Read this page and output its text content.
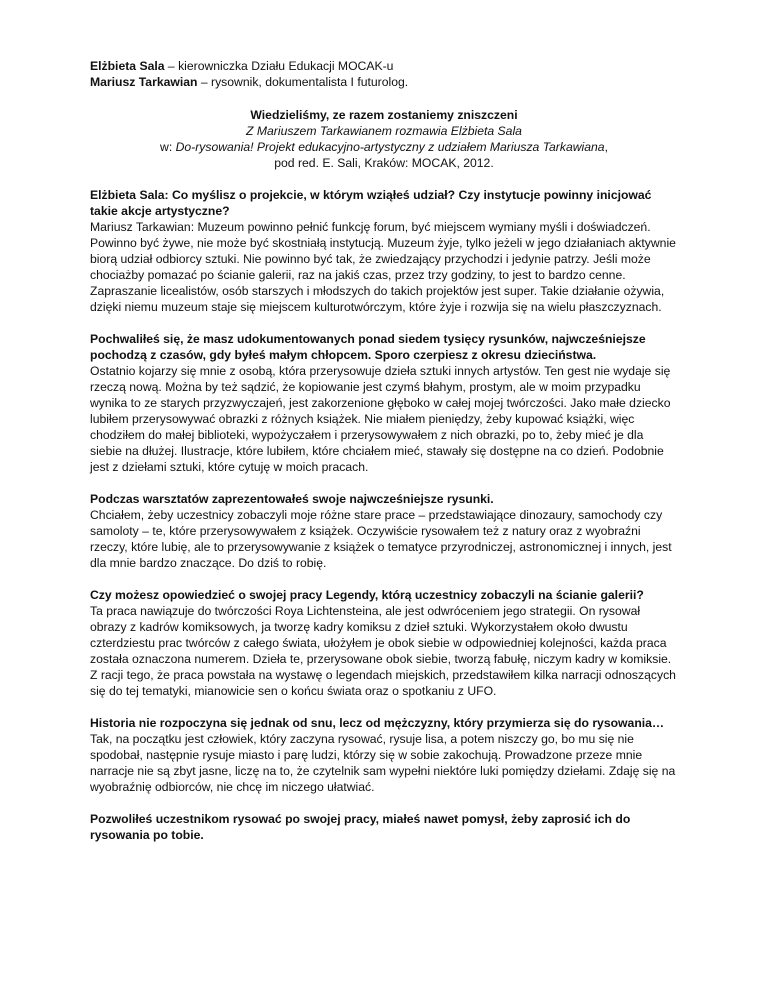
Elżbieta Sala – kierowniczka Działu Edukacji MOCAK-u

Mariusz Tarkawian – rysownik, dokumentalista I futurolog.

Wiedzieliśmy, ze razem zostaniemy zniszczeni

Z Mariuszem Tarkawianem rozmawia Elżbieta Sala

w: Do-rysowania! Projekt edukacyjno-artystyczny z udziałem Mariusza Tarkawiana,

pod red. E. Sali, Kraków: MOCAK, 2012.

Elżbieta Sala: Co myślisz o projekcie, w którym wziąłeś udział? Czy instytucje powinny inicjować takie akcje artystyczne?

Mariusz Tarkawian: Muzeum powinno pełnić funkcję forum, być miejscem wymiany myśli i doświadczeń. Powinno być żywe, nie może być skostniałą instytucją. Muzeum żyje, tylko jeżeli w jego działaniach aktywnie biorą udział odbiorcy sztuki. Nie powinno być tak, że zwiedzający przychodzi i jedynie patrzy. Jeśli może chociażby pomazać po ścianie galerii, raz na jakiś czas, przez trzy godziny, to jest to bardzo cenne. Zapraszanie licealistów, osób starszych i młodszych do takich projektów jest super. Takie działanie ożywia, dzięki niemu muzeum staje się miejscem kulturotwórczym, które żyje i rozwija się na wielu płaszczyznach.

Pochwaliłeś się, że masz udokumentowanych ponad siedem tysięcy rysunków, najwcześniejsze pochodzą z czasów, gdy byłeś małym chłopcem. Sporo czerpiesz z okresu dzieciństwa.

Ostatnio kojarzy się mnie z osobą, która przerysowuje dzieła sztuki innych artystów. Ten gest nie wydaje się rzeczą nową. Można by też sądzić, że kopiowanie jest czymś błahym, prostym, ale w moim przypadku wynika to ze starych przyzwyczajeń, jest zakorzenione głęboko w całej mojej twórczości. Jako małe dziecko lubiłem przerysowywać obrazki z różnych książek. Nie miałem pieniędzy, żeby kupować książki, więc chodziłem do małej biblioteki, wypożyczałem i przerysowywałem z nich obrazki, po to, żeby mieć je dla siebie na dłużej. Ilustracje, które lubiłem, które chciałem mieć, stawały się dostępne na co dzień. Podobnie jest z dziełami sztuki, które cytuję w moich pracach.

Podczas warsztatów zaprezentowałeś swoje najwcześniejsze rysunki.

Chciałem, żeby uczestnicy zobaczyli moje różne stare prace – przedstawiające dinozaury, samochody czy samoloty – te, które przerysowywałem z książek. Oczywiście rysowałem też z natury oraz z wyobraźni rzeczy, które lubię, ale to przerysowywanie z książek o tematyce przyrodniczej, astronomicznej i innych, jest dla mnie bardzo znaczące. Do dziś to robię.

Czy możesz opowiedzieć o swojej pracy Legendy, którą uczestnicy zobaczyli na ścianie galerii?

Ta praca nawiązuje do twórczości Roya Lichtensteina, ale jest odwróceniem jego strategii. On rysował obrazy z kadrów komiksowych, ja tworzę kadry komiksu z dzieł sztuki. Wykorzystałem około dwustu czterdziestu prac twórców z całego świata, ułożyłem je obok siebie w odpowiedniej kolejności, każda praca została oznaczona numerem. Dzieła te, przerysowane obok siebie, tworzą fabułę, niczym kadry w komiksie. Z racji tego, że praca powstała na wystawę o legendach miejskich, przedstawiłem kilka narracji odnoszących się do tej tematyki, mianowicie sen o końcu świata oraz o spotkaniu z UFO.

Historia nie rozpoczyna się jednak od snu, lecz od mężczyzny, który przymierza się do rysowania…

Tak, na początku jest człowiek, który zaczyna rysować, rysuje lisa, a potem niszczy go, bo mu się nie spodobał, następnie rysuje miasto i parę ludzi, którzy się w sobie zakochują. Prowadzone przeze mnie narracje nie są zbyt jasne, liczę na to, że czytelnik sam wypełni niektóre luki pomiędzy dziełami. Zdaję się na wyobraźnię odbiorców, nie chcę im niczego ułatwiać.

Pozwoliłeś uczestnikom rysować po swojej pracy, miałeś nawet pomysł, żeby zaprosić ich do rysowania po tobie.
